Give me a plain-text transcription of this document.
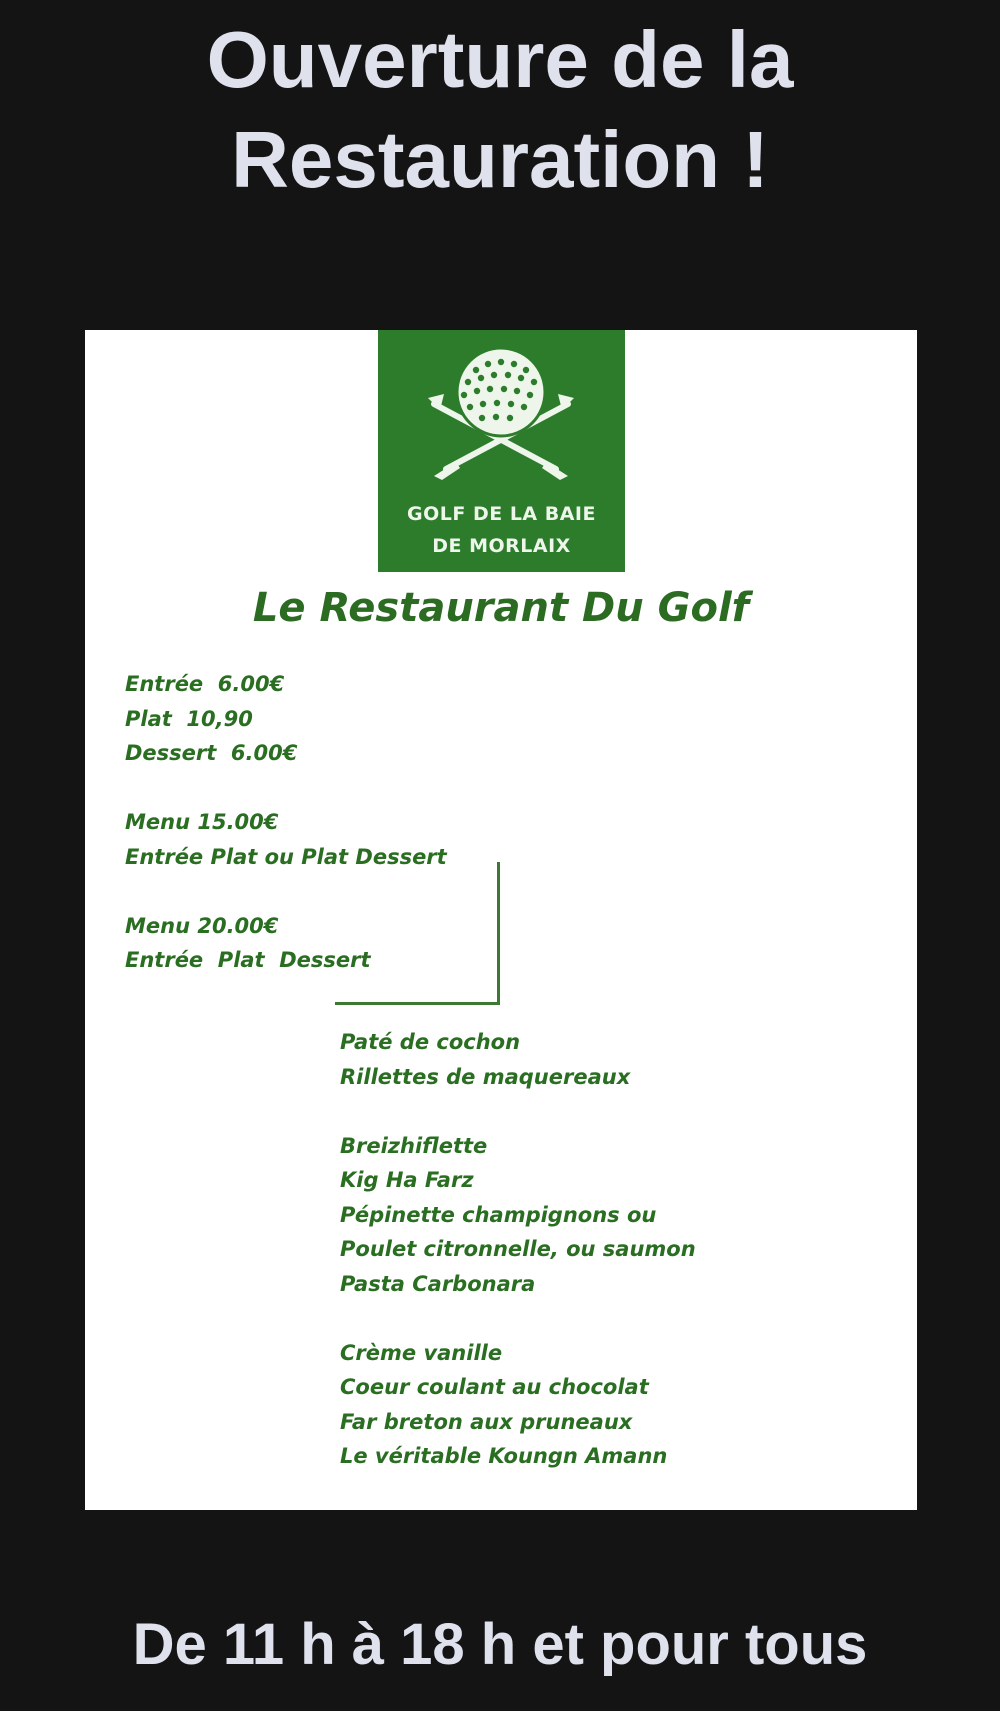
Ouverture de la
Restauration !
GOLF DE LA BAIE
DE MORLAIX
Le Restaurant Du Golf
Entrée  6.00€
Plat  10,90
Dessert  6.00€
Menu 15.00€
Entrée Plat ou Plat Dessert
Menu 20.00€
Entrée  Plat  Dessert
Paté de cochon
Rillettes de maquereaux
Breizhiflette
Kig Ha Farz
Pépinette champignons ou
Poulet citronnelle, ou saumon
Pasta Carbonara
Crème vanille
Coeur coulant au chocolat
Far breton aux pruneaux
Le véritable Koungn Amann
De 11 h à 18 h et pour tous
